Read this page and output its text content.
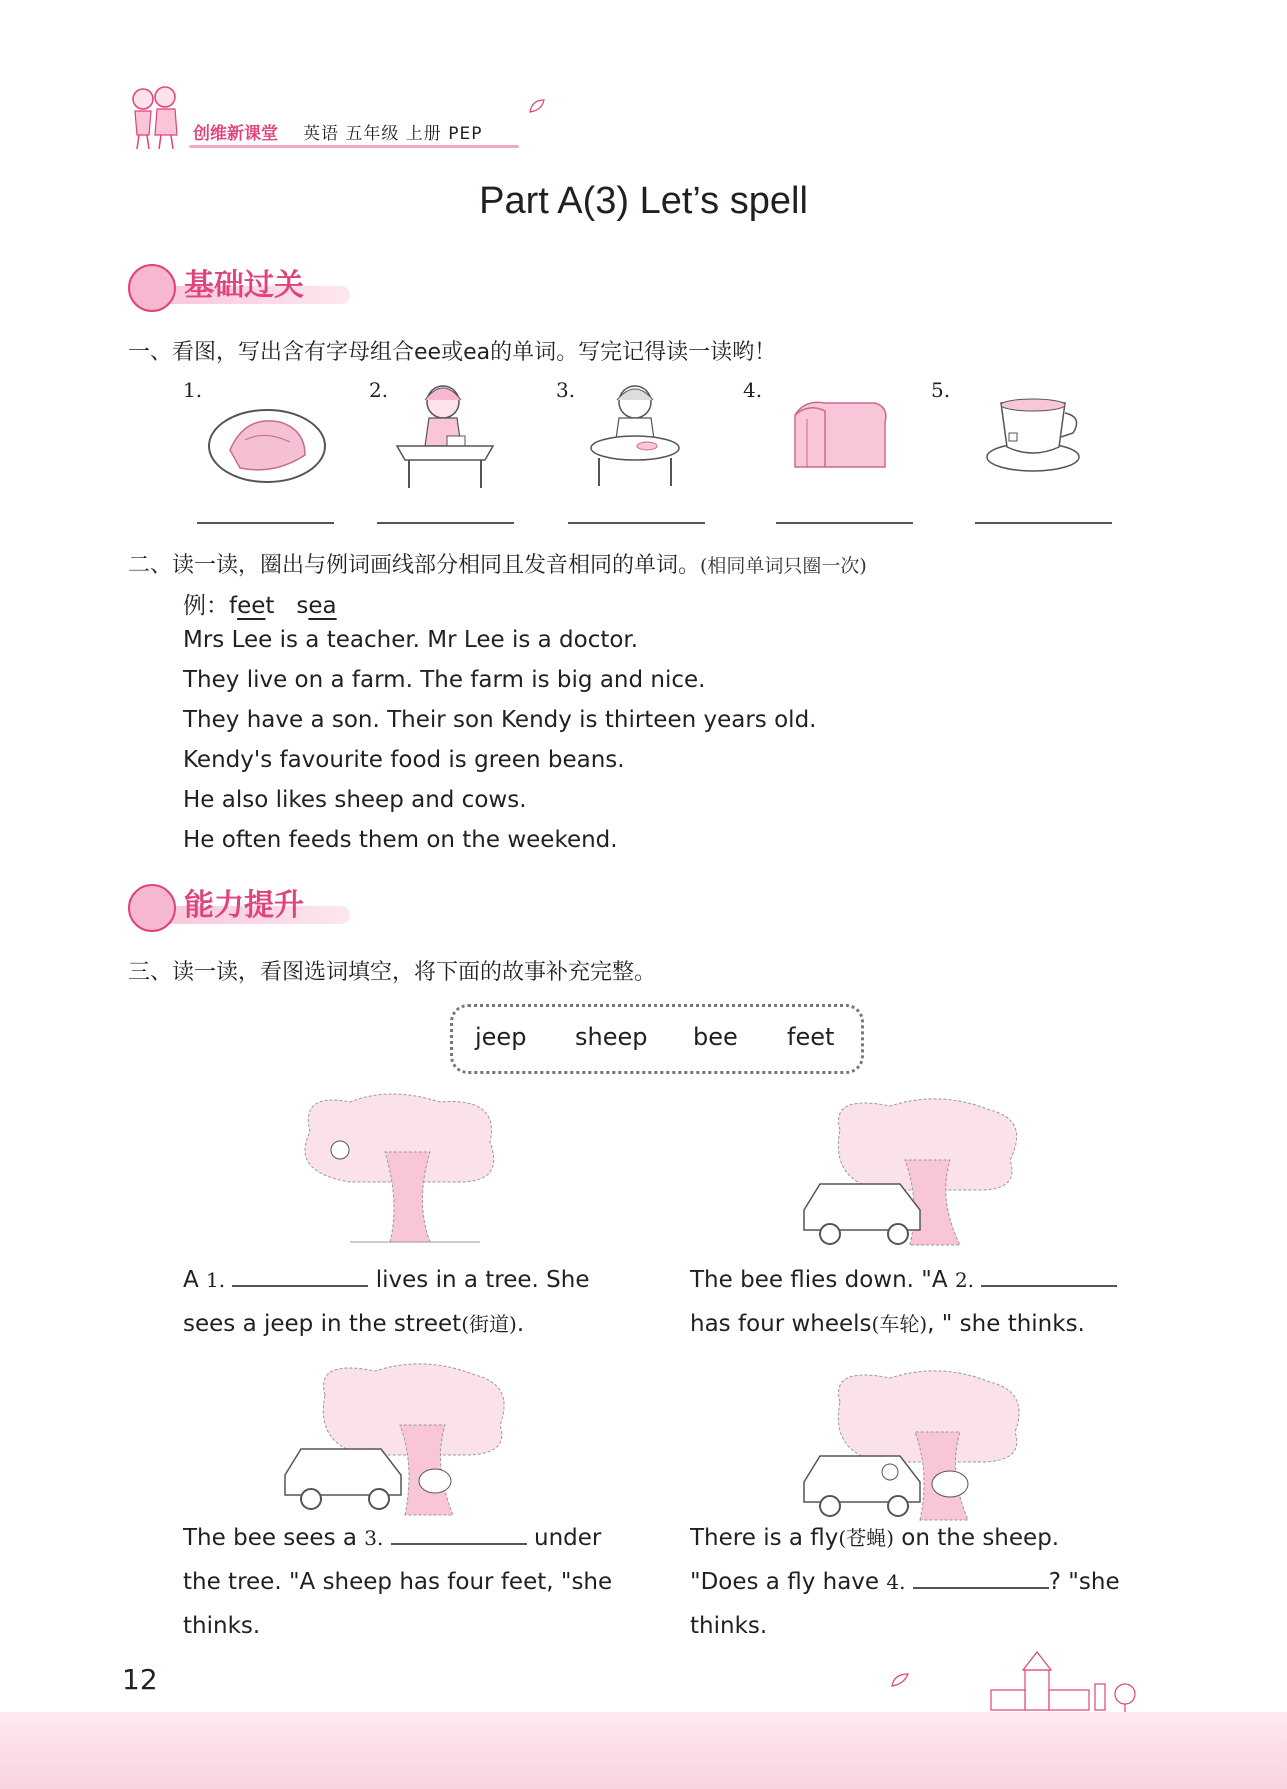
创维新课堂 英语 五年级 上册 PEP
Part A(3) Let’s spell
基础过关
一、看图，写出含有字母组合ee或ea的单词。写完记得读一读哟！
1.	2.	3.	4.	5.
二、读一读，圈出与例词画线部分相同且发音相同的单词。(相同单词只圈一次)
例：feet sea
Mrs Lee is a teacher. Mr Lee is a doctor.
They live on a farm. The farm is big and nice.
They have a son. Their son Kendy is thirteen years old.
Kendy's favourite food is green beans.
He also likes sheep and cows.
He often feeds them on the weekend.
能力提升
三、读一读，看图选词填空，将下面的故事补充完整。
jeep sheep bee feet
A 1.	lives in a tree. She
sees a jeep in the street(街道).
The bee flies down. "A 2.
has four wheels(车轮), " she thinks.
The bee sees a 3.	under
the tree. "A sheep has four feet, "she
thinks.
There is a fly(苍蝇) on the sheep.
"Does a fly have 4.	? "she
thinks.
12
